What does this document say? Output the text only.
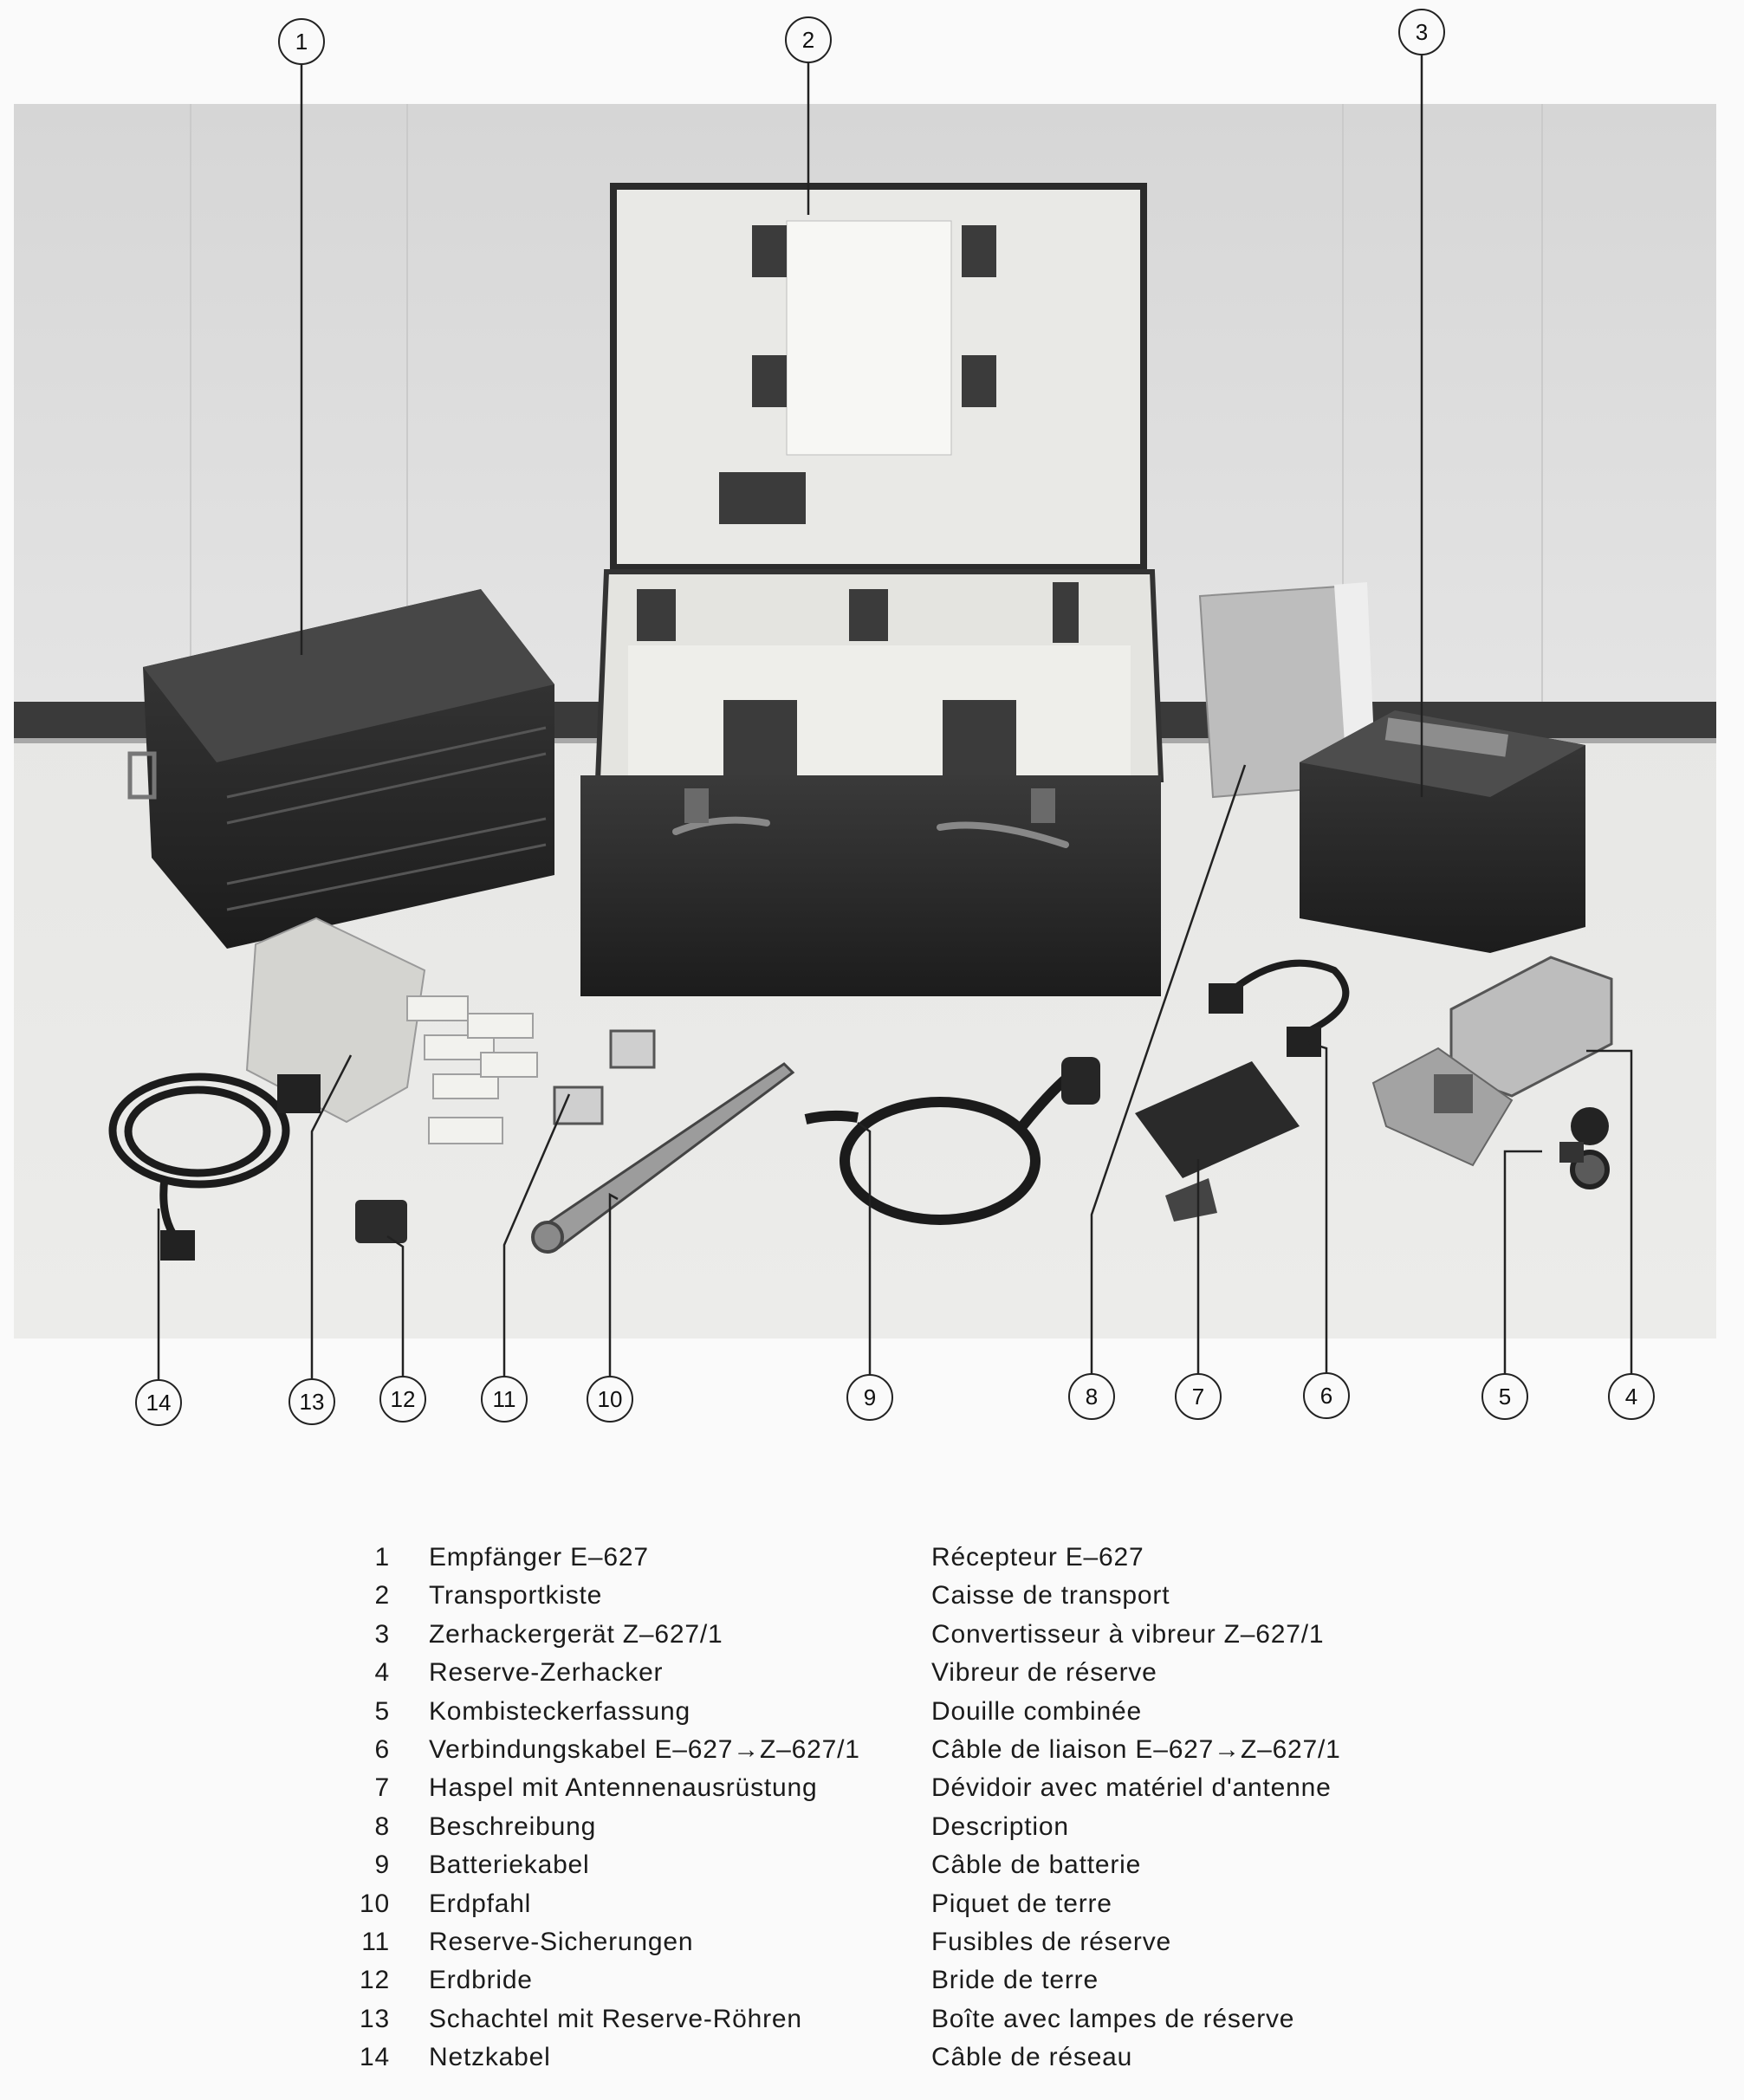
1	2	3
4
5
6
7
8
9
10
11
12
13
14
1 Empfänger E–627	Récepteur E–627
2 Transportkiste	Caisse de transport
3 Zerhackergerät Z–627/1	Convertisseur à vibreur Z–627/1
4 Reserve-Zerhacker	Vibreur de réserve
5 Kombisteckerfassung	Douille combinée
6 Verbindungskabel E–627→Z–627/1	Câble de liaison E–627→Z–627/1
7 Haspel mit Antennenausrüstung	Dévidoir avec matériel d'antenne
8 Beschreibung	Description
9 Batteriekabel	Câble de batterie
10 Erdpfahl	Piquet de terre
11 Reserve-Sicherungen	Fusibles de réserve
12 Erdbride	Bride de terre
13 Schachtel mit Reserve-Röhren	Boîte avec lampes de réserve
14 Netzkabel	Câble de réseau
